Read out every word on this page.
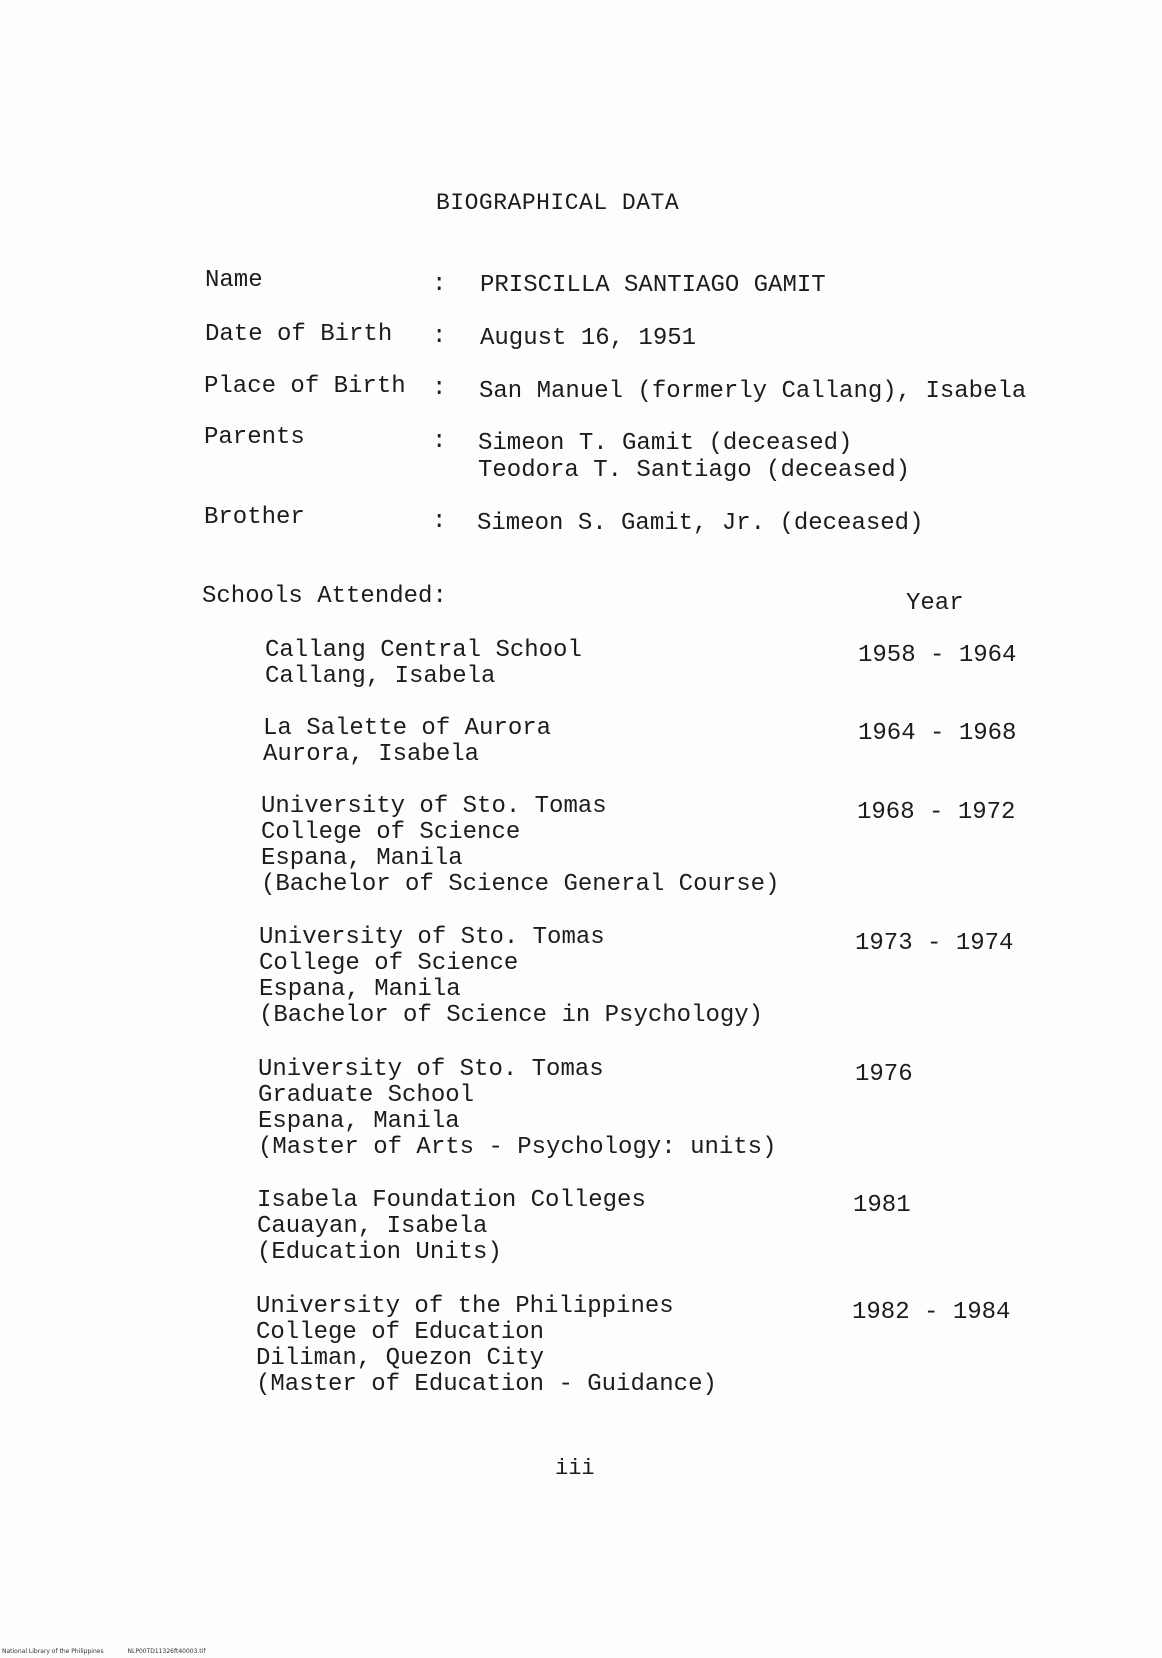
BIOGRAPHICAL DATA
Name	: PRISCILLA SANTIAGO GAMIT
Date of Birth : August 16, 1951
Place of Birth : San Manuel (formerly Callang), Isabela
Parents	: Simeon T. Gamit (deceased)
Teodora T. Santiago (deceased)
Brother	: Simeon S. Gamit, Jr. (deceased)
Schools Attended:	Year
Callang Central School
Callang, Isabela
1958 - 1964
La Salette of Aurora
Aurora, Isabela
1964 - 1968
University of Sto. Tomas
College of Science
Espana, Manila
(Bachelor of Science General Course)
1968 - 1972
University of Sto. Tomas
College of Science
Espana, Manila
(Bachelor of Science in Psychology)
1973 - 1974
University of Sto. Tomas
Graduate School
Espana, Manila
(Master of Arts - Psychology: units)
1976
Isabela Foundation Colleges
Cauayan, Isabela
(Education Units)
1981
University of the Philippines
College of Education
Diliman, Quezon City
(Master of Education - Guidance)
1982 - 1984
iii
National Library of the Philippines	NLP00TD11326ft40003.tif
